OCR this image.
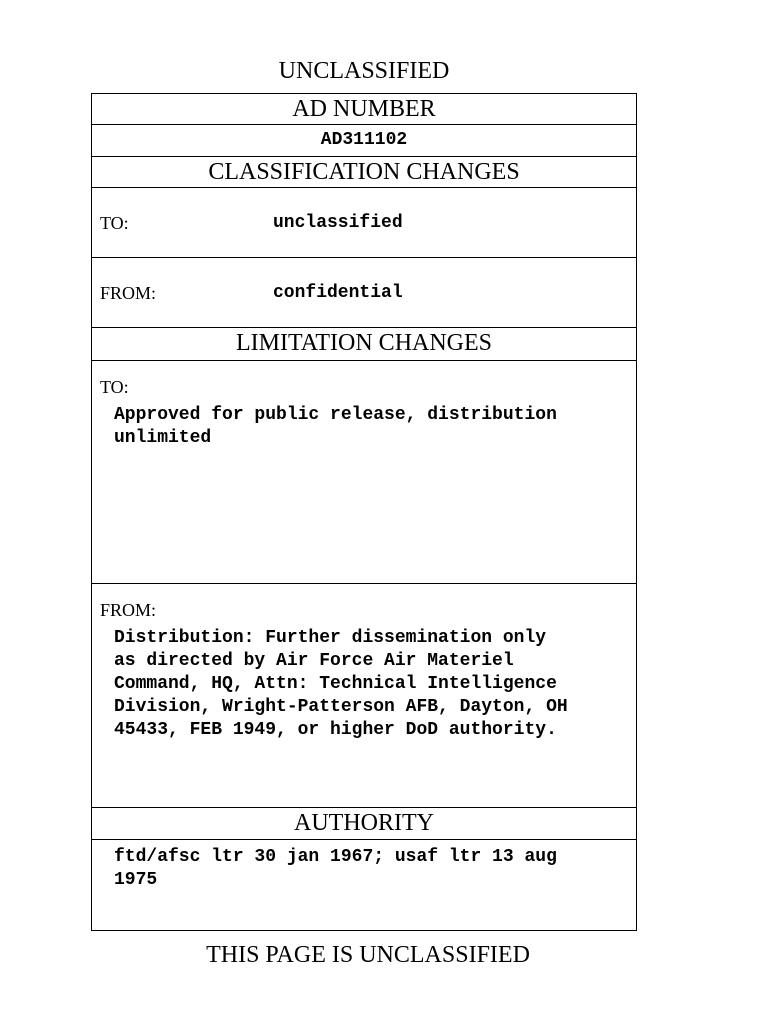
UNCLASSIFIED
AD NUMBER
AD311102
CLASSIFICATION CHANGES
TO:	unclassified
FROM:	confidential
LIMITATION CHANGES
TO:
Approved for public release, distribution
unlimited
FROM:
Distribution: Further dissemination only
as directed by Air Force Air Materiel
Command, HQ, Attn: Technical Intelligence
Division, Wright-Patterson AFB, Dayton, OH
45433, FEB 1949, or higher DoD authority.
AUTHORITY
ftd/afsc ltr 30 jan 1967; usaf ltr 13 aug
1975
THIS PAGE IS UNCLASSIFIED
